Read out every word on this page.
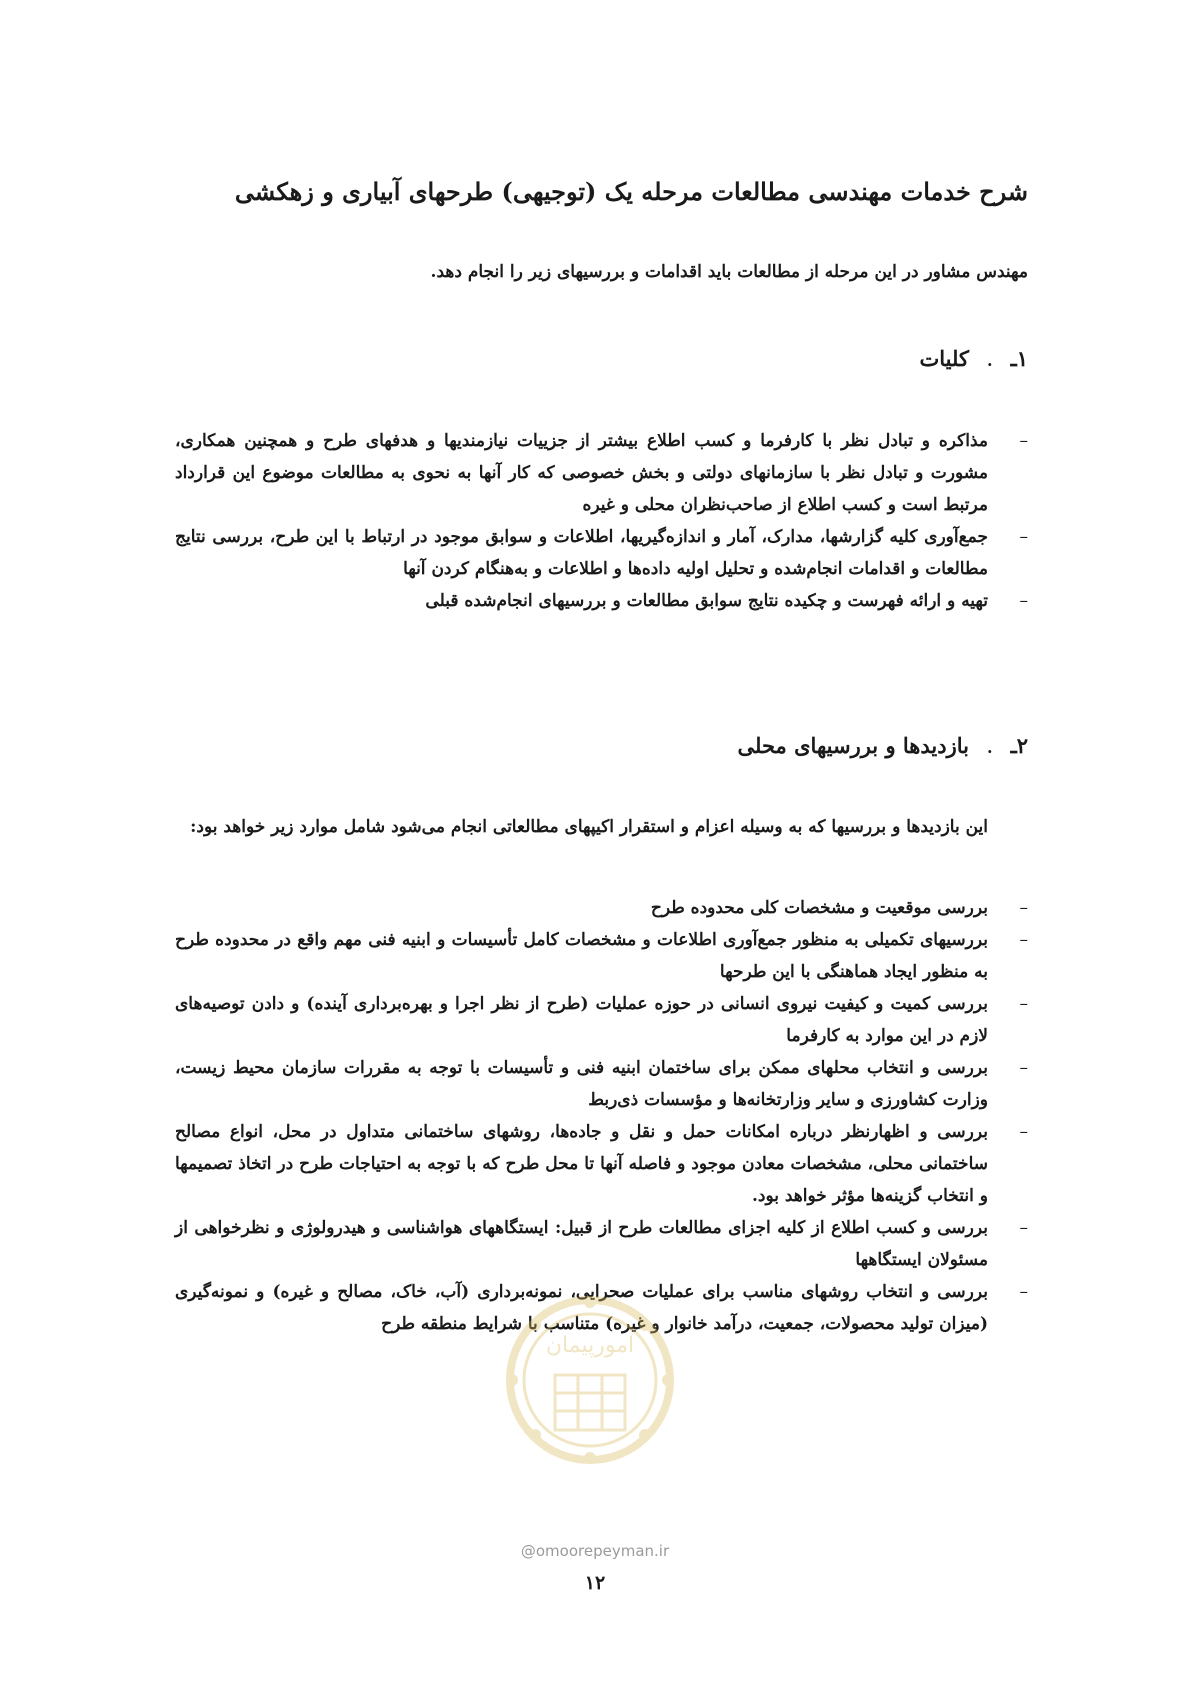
شرح خدمات مهندسی مطالعات مرحله یک (توجیهی) طرحهای آبیاری و زهکشی

مهندس مشاور در این مرحله از مطالعات باید اقدامات و بررسیهای زیر را انجام دهد.

۱ـ
.
کلیات
–
مذاکره و تبادل نظر با کارفرما و کسب اطلاع بیشتر از جزییات نیازمندیها و هدفهای طرح و همچنین همکاری، مشورت و تبادل نظر با سازمانهای دولتی و بخش خصوصی که کار آنها به نحوی به مطالعات موضوع این قرارداد مرتبط است و کسب اطلاع از صاحب‌نظران محلی و غیره
–
جمع‌آوری کلیه گزارشها، مدارک، آمار و اندازه‌گیریها، اطلاعات و سوابق موجود در ارتباط با این طرح، بررسی نتایج مطالعات و اقدامات انجام‌شده و تحلیل اولیه داده‌ها و اطلاعات و به‌هنگام کردن آنها
–
تهیه و ارائه فهرست و چکیده نتایج سوابق مطالعات و بررسیهای انجام‌شده قبلی
۲ـ
.
بازدیدها و بررسیهای محلی

این بازدیدها و بررسیها که به وسیله اعزام و استقرار اکیپهای مطالعاتی انجام می‌شود شامل موارد زیر خواهد بود:

–
بررسی موقعیت و مشخصات کلی محدوده طرح
–
بررسیهای تکمیلی به منظور جمع‌آوری اطلاعات و مشخصات کامل تأسیسات و ابنیه فنی مهم واقع در محدوده طرح به منظور ایجاد هماهنگی با این طرحها
–
بررسی کمیت و کیفیت نیروی انسانی در حوزه عملیات (طرح از نظر اجرا و بهره‌برداری آینده) و دادن توصیه‌های لازم در این موارد به کارفرما
–
بررسی و انتخاب محلهای ممکن برای ساختمان ابنیه فنی و تأسیسات با توجه به مقررات سازمان محیط زیست، وزارت کشاورزی و سایر وزارتخانه‌ها و مؤسسات ذی‌ربط
–
بررسی و اظهارنظر درباره امکانات حمل و نقل و جاده‌ها، روشهای ساختمانی متداول در محل، انواع مصالح ساختمانی محلی، مشخصات معادن موجود و فاصله آنها تا محل طرح که با توجه به احتیاجات طرح در اتخاذ تصمیمها و انتخاب گزینه‌ها مؤثر خواهد بود.
–
بررسی و کسب اطلاع از کلیه اجزای مطالعات طرح از قبیل: ایستگاههای هواشناسی و هیدرولوژی و نظرخواهی از مسئولان ایستگاهها
–
بررسی و انتخاب روشهای مناسب برای عملیات صحرایی، نمونه‌برداری (آب، خاک، مصالح و غیره) و نمونه‌گیری (میزان تولید محصولات، جمعیت، درآمد خانوار و غیره) متناسب با شرایط منطقه طرح
امورپیمان
@omoorepeyman.ir
۱۲
